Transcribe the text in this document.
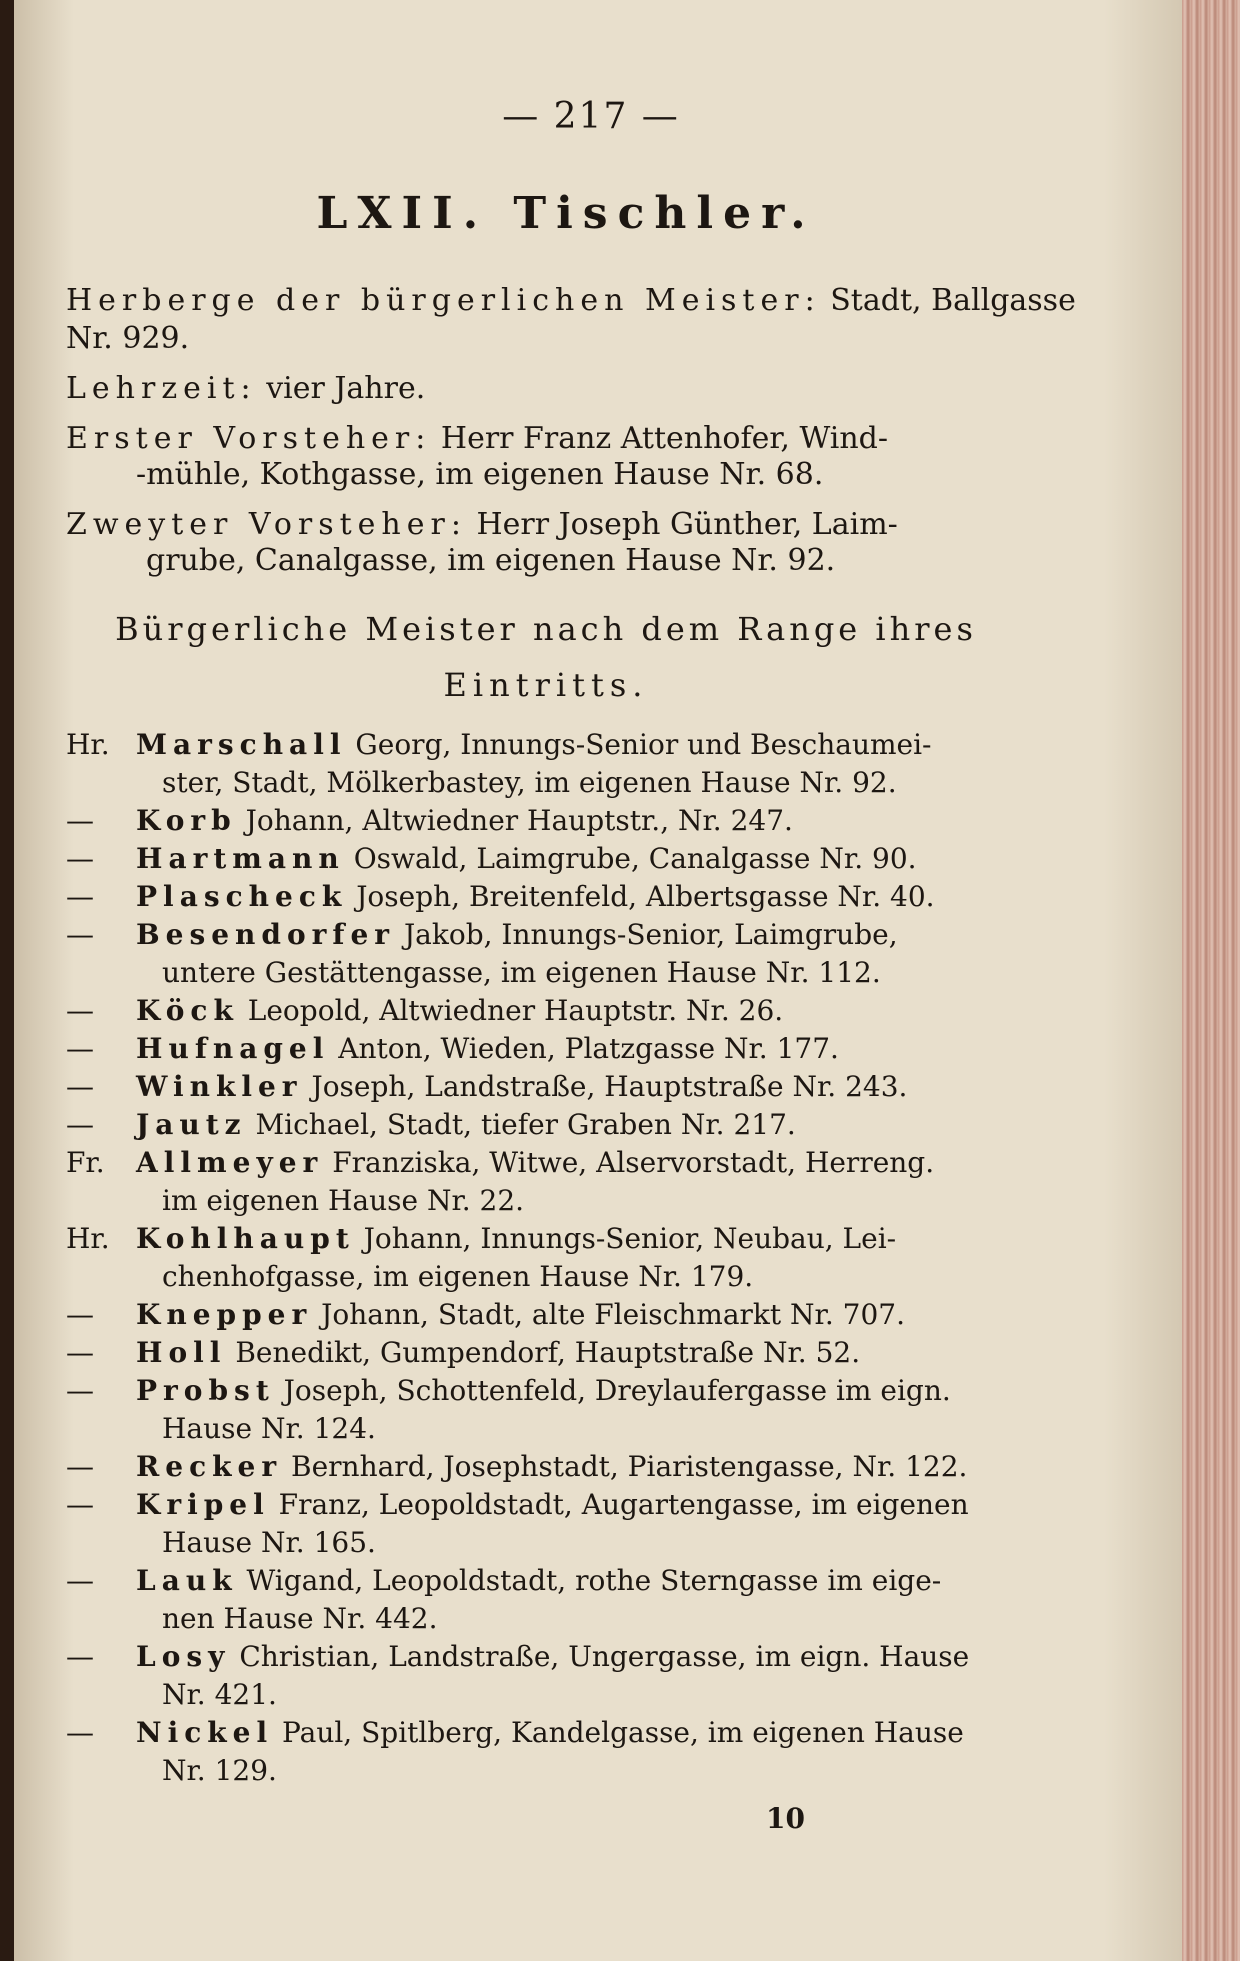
— 217 —
LXII. Tischler.
Herberge der bürgerlichen Meister: Stadt, Ballgasse
Nr. 929.
Lehrzeit: vier Jahre.
Erster Vorsteher: Herr Franz Attenhofer, Wind-
-mühle, Kothgasse, im eigenen Hause Nr. 68.
Zweyter Vorsteher: Herr Joseph Günther, Laim-
grube, Canalgasse, im eigenen Hause Nr. 92.
Bürgerliche Meister nach dem Range ihres
Eintritts.
Hr. Marschall Georg, Innungs-Senior und Beschaumei-
ster, Stadt, Mölkerbastey, im eigenen Hause Nr. 92.
— Korb Johann, Altwiedner Hauptstr., Nr. 247.
— Hartmann Oswald, Laimgrube, Canalgasse Nr. 90.
— Plascheck Joseph, Breitenfeld, Albertsgasse Nr. 40.
— Besendorfer Jakob, Innungs-Senior, Laimgrube,
untere Gestättengasse, im eigenen Hause Nr. 112.
— Köck Leopold, Altwiedner Hauptstr. Nr. 26.
— Hufnagel Anton, Wieden, Platzgasse Nr. 177.
— Winkler Joseph, Landstraße, Hauptstraße Nr. 243.
— Jautz Michael, Stadt, tiefer Graben Nr. 217.
Fr. Allmeyer Franziska, Witwe, Alservorstadt, Herreng.
im eigenen Hause Nr. 22.
Hr. Kohlhaupt Johann, Innungs-Senior, Neubau, Lei-
chenhofgasse, im eigenen Hause Nr. 179.
— Knepper Johann, Stadt, alte Fleischmarkt Nr. 707.
— Holl Benedikt, Gumpendorf, Hauptstraße Nr. 52.
— Probst Joseph, Schottenfeld, Dreylaufergasse im eign.
Hause Nr. 124.
— Recker Bernhard, Josephstadt, Piaristengasse, Nr. 122.
— Kripel Franz, Leopoldstadt, Augartengasse, im eigenen
Hause Nr. 165.
— Lauk Wigand, Leopoldstadt, rothe Sterngasse im eige-
nen Hause Nr. 442.
— Losy Christian, Landstraße, Ungergasse, im eign. Hause
Nr. 421.
— Nickel Paul, Spitlberg, Kandelgasse, im eigenen Hause
Nr. 129.
10
